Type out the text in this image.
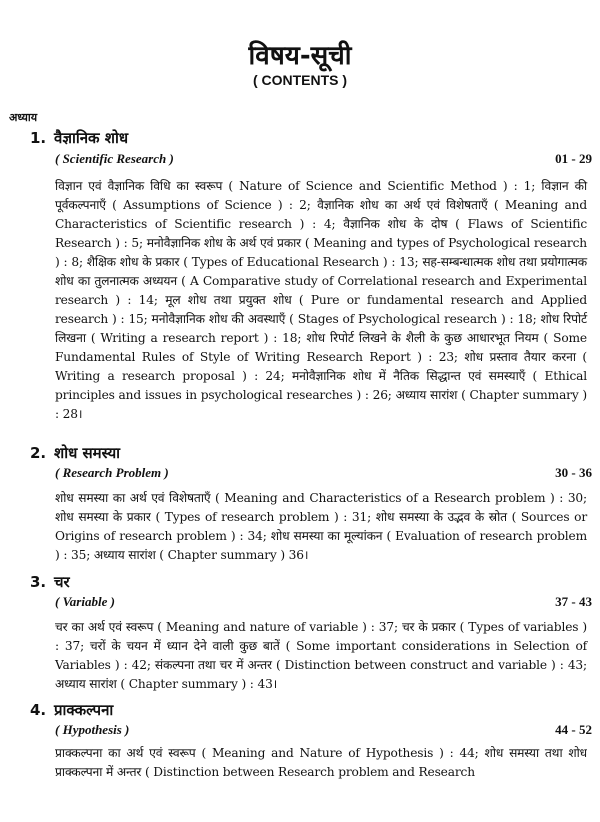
विषय-सूची
( CONTENTS )
अध्याय
1. वैज्ञानिक शोध
( Scientific Research )	01 - 29
विज्ञान एवं वैज्ञानिक विधि का स्वरूप ( Nature of Science and Scientific Method ) : 1; विज्ञान की पूर्वकल्पनाएँ ( Assumptions of Science ) : 2; वैज्ञानिक शोध का अर्थ एवं विशेषताएँ ( Meaning and Characteristics of Scientific research ) : 4; वैज्ञानिक शोध के दोष ( Flaws of Scientific Research ) : 5; मनोवैज्ञानिक शोध के अर्थ एवं प्रकार ( Meaning and types of Psychological research ) : 8; शैक्षिक शोध के प्रकार ( Types of Educational Research ) : 13; सह-सम्बन्धात्मक शोध तथा प्रयोगात्मक शोध का तुलनात्मक अध्ययन ( A Comparative study of Correlational research and Experimental research ) : 14; मूल शोध तथा प्रयुक्त शोध ( Pure or fundamental research and Applied research ) : 15; मनोवैज्ञानिक शोध की अवस्थाएँ ( Stages of Psychological research ) : 18; शोध रिपोर्ट लिखना ( Writing a research report ) : 18; शोध रिपोर्ट लिखने के शैली के कुछ आधारभूत नियम ( Some Fundamental Rules of Style of Writing Research Report ) : 23; शोध प्रस्ताव तैयार करना ( Writing a research proposal ) : 24; मनोवैज्ञानिक शोध में नैतिक सिद्धान्त एवं समस्याएँ ( Ethical principles and issues in psychological researches ) : 26; अध्याय सारांश ( Chapter summary ) : 28।
2. शोध समस्या
( Research Problem )	30 - 36
शोध समस्या का अर्थ एवं विशेषताएँ ( Meaning and Characteristics of a Research problem ) : 30; शोध समस्या के प्रकार ( Types of research problem ) : 31; शोध समस्या के उद्भव के स्रोत ( Sources or Origins of research problem ) : 34; शोध समस्या का मूल्यांकन ( Evaluation of research problem ) : 35; अध्याय सारांश ( Chapter summary ) 36।
3. चर
( Variable )	37 - 43
चर का अर्थ एवं स्वरूप ( Meaning and nature of variable ) : 37; चर के प्रकार ( Types of variables ) : 37; चरों के चयन में ध्यान देने वाली कुछ बातें ( Some important considerations in Selection of Variables ) : 42; संकल्पना तथा चर में अन्तर ( Distinction between construct and variable ) : 43; अध्याय सारांश ( Chapter summary ) : 43।
4. प्राक्कल्पना
( Hypothesis )	44 - 52
प्राक्कल्पना का अर्थ एवं स्वरूप ( Meaning and Nature of Hypothesis ) : 44; शोध समस्या तथा शोध प्राक्कल्पना में अन्तर ( Distinction between Research problem and Research
